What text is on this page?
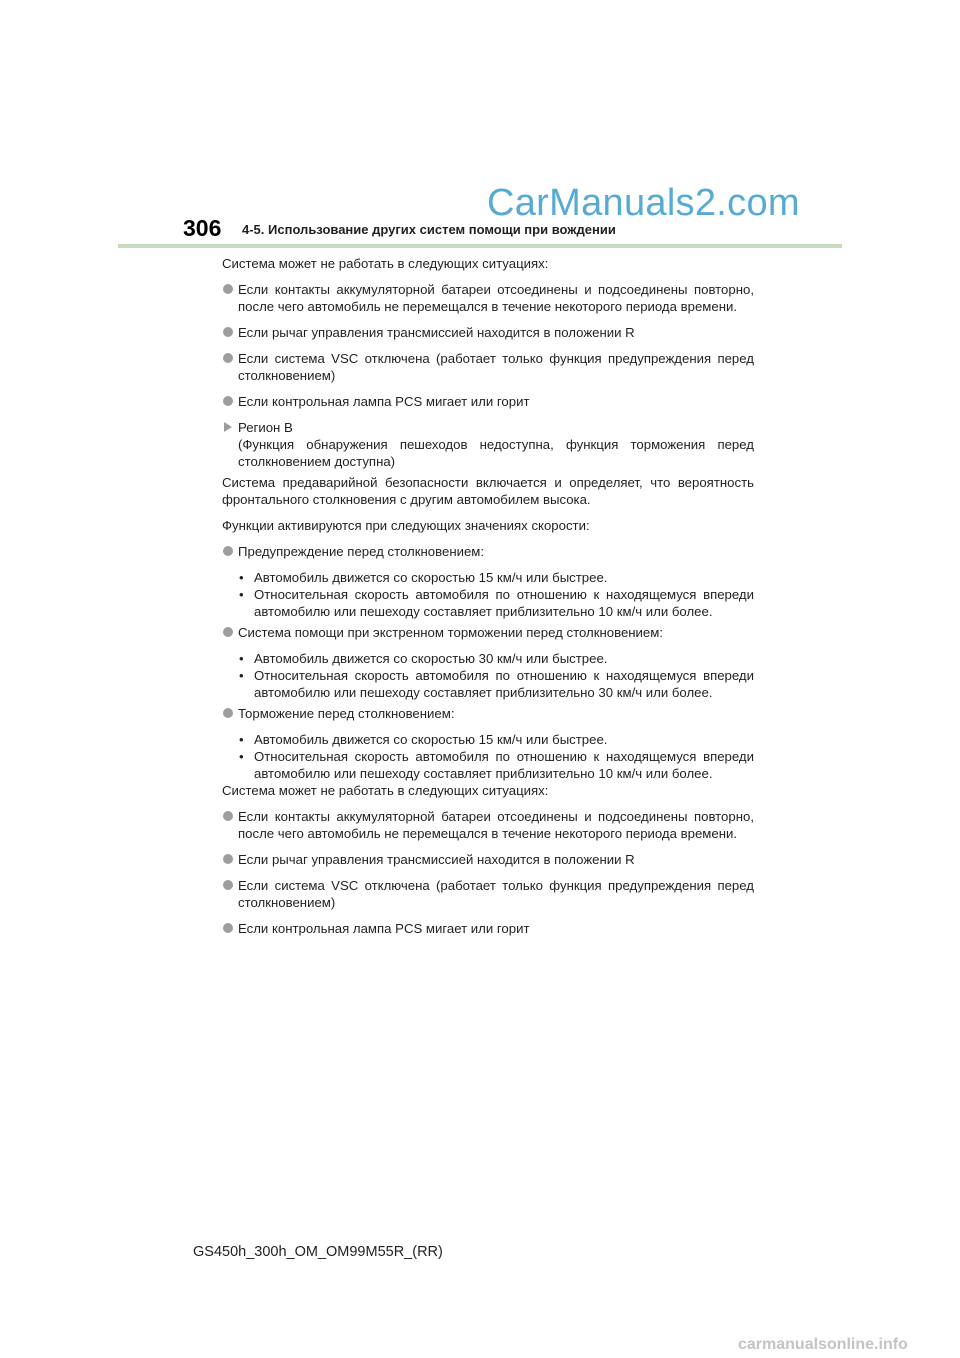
CarManuals2.com
306 4-5. Использование других систем помощи при вождении

Система может не работать в следующих ситуациях:

Если контакты аккумуляторной батареи отсоединены и подсоединены повторно, после чего автомобиль не перемещался в течение некоторого периода времени.
Если рычаг управления трансмиссией находится в положении R
Если система VSC отключена (работает только функция предупреждения перед столкновением)
Если контрольная лампа PCS мигает или горит
Регион B
(Функция обнаружения пешеходов недоступна, функция торможения перед столкновением доступна)

Система предаварийной безопасности включается и определяет, что вероятность фронтального столкновения с другим автомобилем высока.

Функции активируются при следующих значениях скорости:

Предупреждение перед столкновением:
• Автомобиль движется со скоростью 15 км/ч или быстрее.
• Относительная скорость автомобиля по отношению к находящемуся впереди автомобилю или пешеходу составляет приблизительно 10 км/ч или более.
Система помощи при экстренном торможении перед столкновением:
• Автомобиль движется со скоростью 30 км/ч или быстрее.
• Относительная скорость автомобиля по отношению к находящемуся впереди автомобилю или пешеходу составляет приблизительно 30 км/ч или более.
Торможение перед столкновением:
• Автомобиль движется со скоростью 15 км/ч или быстрее.
• Относительная скорость автомобиля по отношению к находящемуся впереди автомобилю или пешеходу составляет приблизительно 10 км/ч или более.

Система может не работать в следующих ситуациях:

Если контакты аккумуляторной батареи отсоединены и подсоединены повторно, после чего автомобиль не перемещался в течение некоторого периода времени.
Если рычаг управления трансмиссией находится в положении R
Если система VSC отключена (работает только функция предупреждения перед столкновением)
Если контрольная лампа PCS мигает или горит
GS450h_300h_OM_OM99M55R_(RR)
carmanualsonline.info
